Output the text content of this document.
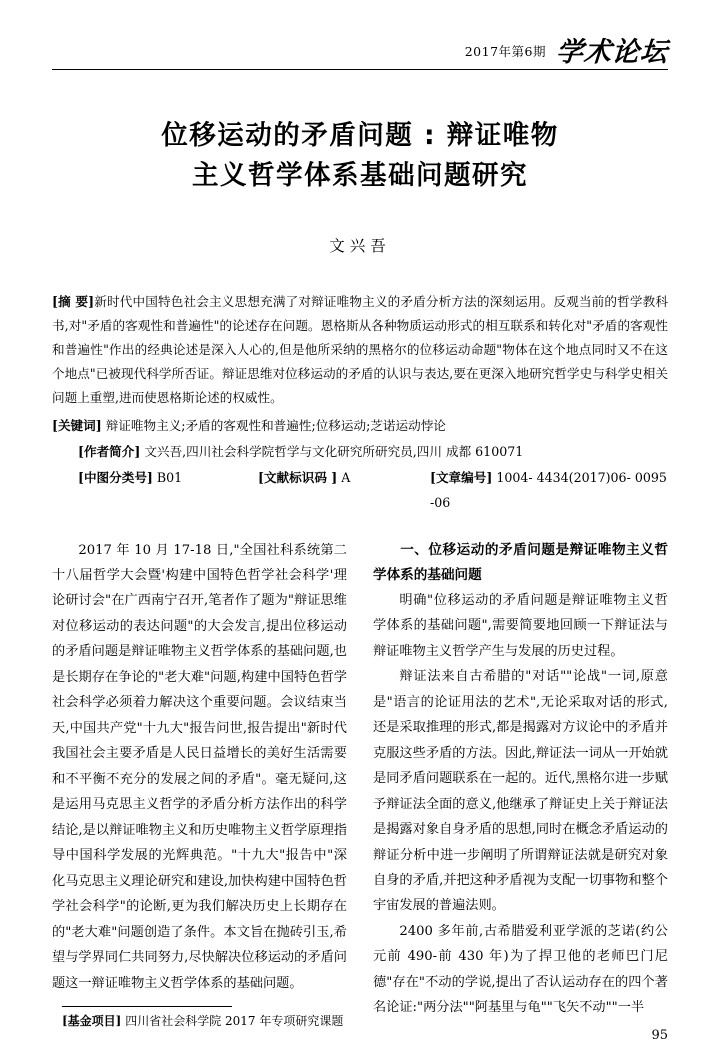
2017年第6期 学术论坛
位移运动的矛盾问题 : 辩证唯物
主义哲学体系基础问题研究
文兴吾
[摘 要]新时代中国特色社会主义思想充满了对辩证唯物主义的矛盾分析方法的深刻运用。反观当前的哲学教科书,对"矛盾的客观性和普遍性"的论述存在问题。恩格斯从各种物质运动形式的相互联系和转化对"矛盾的客观性和普遍性"作出的经典论述是深入人心的,但是他所采纳的黑格尔的位移运动命题"物体在这个地点同时又不在这个地点"已被现代科学所否证。辩证思维对位移运动的矛盾的认识与表达,要在更深入地研究哲学史与科学史相关问题上重塑,进而使恩格斯论述的权威性。
[关键词] 辩证唯物主义;矛盾的客观性和普遍性;位移运动;芝诺运动悖论
[作者简介] 文兴吾,四川社会科学院哲学与文化研究所研究员,四川 成都 610071
[中图分类号] B01	[文献标识码 ] A	[文章编号] 1004- 4434(2017)06- 0095 -06

2017 年 10 月 17-18 日,"全国社科系统第二十八届哲学大会暨'构建中国特色哲学社会科学'理论研讨会"在广西南宁召开,笔者作了题为"辩证思维对位移运动的表达问题"的大会发言,提出位移运动的矛盾问题是辩证唯物主义哲学体系的基础问题,也是长期存在争论的"老大难"问题,构建中国特色哲学社会科学必须着力解决这个重要问题。会议结束当天,中国共产党"十九大"报告问世,报告提出"新时代我国社会主要矛盾是人民日益增长的美好生活需要和不平衡不充分的发展之间的矛盾"。毫无疑问,这是运用马克思主义哲学的矛盾分析方法作出的科学结论,是以辩证唯物主义和历史唯物主义哲学原理指导中国科学发展的光辉典范。"十九大"报告中"深化马克思主义理论研究和建设,加快构建中国特色哲学社会科学"的论断,更为我们解决历史上长期存在的"老大难"问题创造了条件。本文旨在抛砖引玉,希望与学界同仁共同努力,尽快解决位移运动的矛盾问题这一辩证唯物主义哲学体系的基础问题。

一、位移运动的矛盾问题是辩证唯物主义哲学体系的基础问题

明确"位移运动的矛盾问题是辩证唯物主义哲学体系的基础问题",需要简要地回顾一下辩证法与辩证唯物主义哲学产生与发展的历史过程。

辩证法来自古希腊的"对话""论战"一词,原意是"语言的论证用法的艺术",无论采取对话的形式,还是采取推理的形式,都是揭露对方议论中的矛盾并克服这些矛盾的方法。因此,辩证法一词从一开始就是同矛盾问题联系在一起的。近代,黑格尔进一步赋予辩证法全面的意义,他继承了辩证史上关于辩证法是揭露对象自身矛盾的思想,同时在概念矛盾运动的辩证分析中进一步阐明了所谓辩证法就是研究对象自身的矛盾,并把这种矛盾视为支配一切事物和整个宇宙发展的普遍法则。

2400 多年前,古希腊爱利亚学派的芝诺(约公元前 490-前 430 年)为了捍卫他的老师巴门尼德"存在"不动的学说,提出了否认运动存在的四个著名论证:"两分法""阿基里与龟""飞矢不动""一半

[基金项目] 四川省社会科学院 2017 年专项研究课题
95
